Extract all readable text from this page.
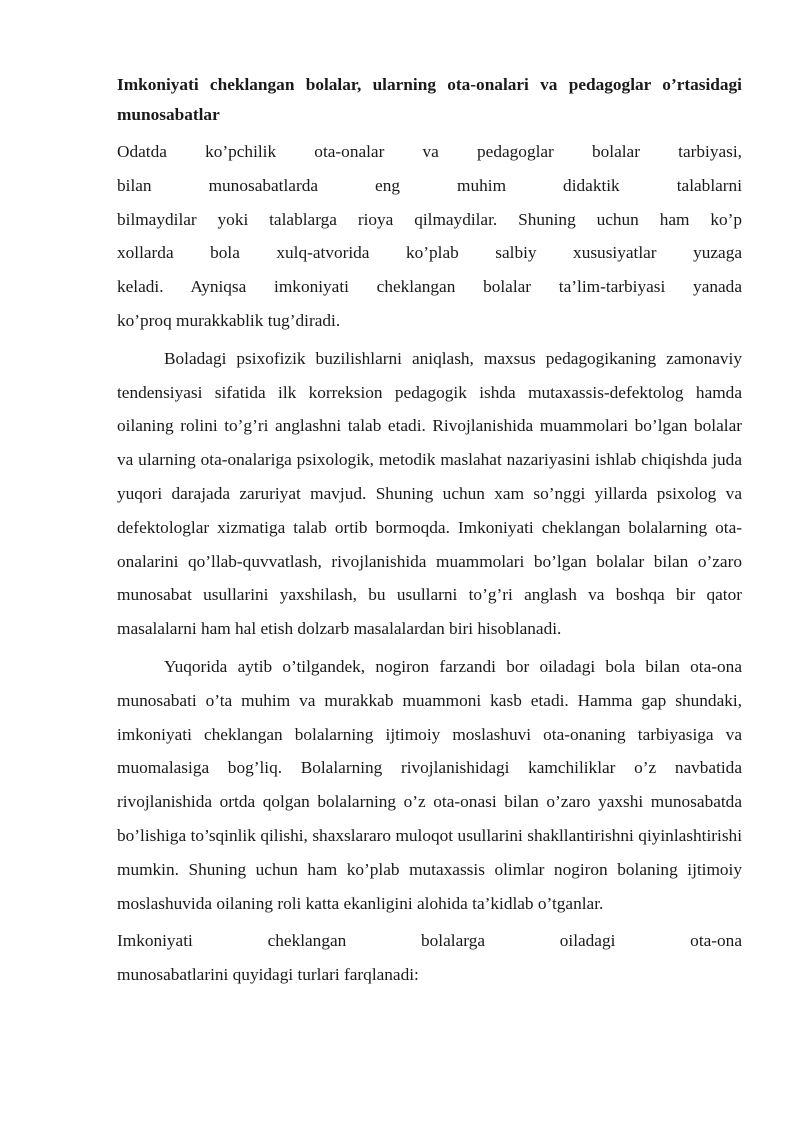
Imkoniyati cheklangan bolalar, ularning ota-onalari va pedagoglar o’rtasidagi munosabatlar
Odatda ko’pchilik ota-onalar va pedagoglar bolalar tarbiyasi,
bilan munosabatlarda eng muhim didaktik talablarni
bilmaydilar yoki talablarga rioya qilmaydilar. Shuning uchun ham ko’p
xollarda bola xulq-atvorida ko’plab salbiy xususiyatlar yuzaga
keladi. Ayniqsa imkoniyati cheklangan bolalar ta’lim-tarbiyasi yanada
ko’proq murakkablik tug’diradi.

Boladagi psixofizik buzilishlarni aniqlash, maxsus pedagogikaning zamonaviy tendensiyasi sifatida ilk korreksion pedagogik ishda mutaxassis-defektolog hamda oilaning rolini to’g’ri anglashni talab etadi. Rivojlanishida muammolari bo’lgan bolalar va ularning ota-onalariga psixologik, metodik maslahat nazariyasini ishlab chiqishda juda yuqori darajada zaruriyat mavjud. Shuning uchun xam so’nggi yillarda psixolog va defektologlar xizmatiga talab ortib bormoqda. Imkoniyati cheklangan bolalarning ota-onalarini qo’llab-quvvatlash, rivojlanishida muammolari bo’lgan bolalar bilan o’zaro munosabat usullarini yaxshilash, bu usullarni to’g’ri anglash va boshqa bir qator masalalarni ham hal etish dolzarb masalalardan biri hisoblanadi.

Yuqorida aytib o’tilgandek, nogiron farzandi bor oiladagi bola bilan ota-ona munosabati o’ta muhim va murakkab muammoni kasb etadi. Hamma gap shundaki, imkoniyati cheklangan bolalarning ijtimoiy moslashuvi ota-onaning tarbiyasiga va muomalasiga bog’liq. Bolalarning rivojlanishidagi kamchiliklar o’z navbatida rivojlanishida ortda qolgan bolalarning o’z ota-onasi bilan o’zaro yaxshi munosabatda bo’lishiga to’sqinlik qilishi, shaxslararo muloqot usullarini shakllantirishni qiyinlashtirishi mumkin. Shuning uchun ham ko’plab mutaxassis olimlar nogiron bolaning ijtimoiy moslashuvida oilaning roli katta ekanligini alohida ta’kidlab o’tganlar.

Imkoniyati cheklangan bolalarga oiladagi ota-ona
munosabatlarini quyidagi turlari farqlanadi:
